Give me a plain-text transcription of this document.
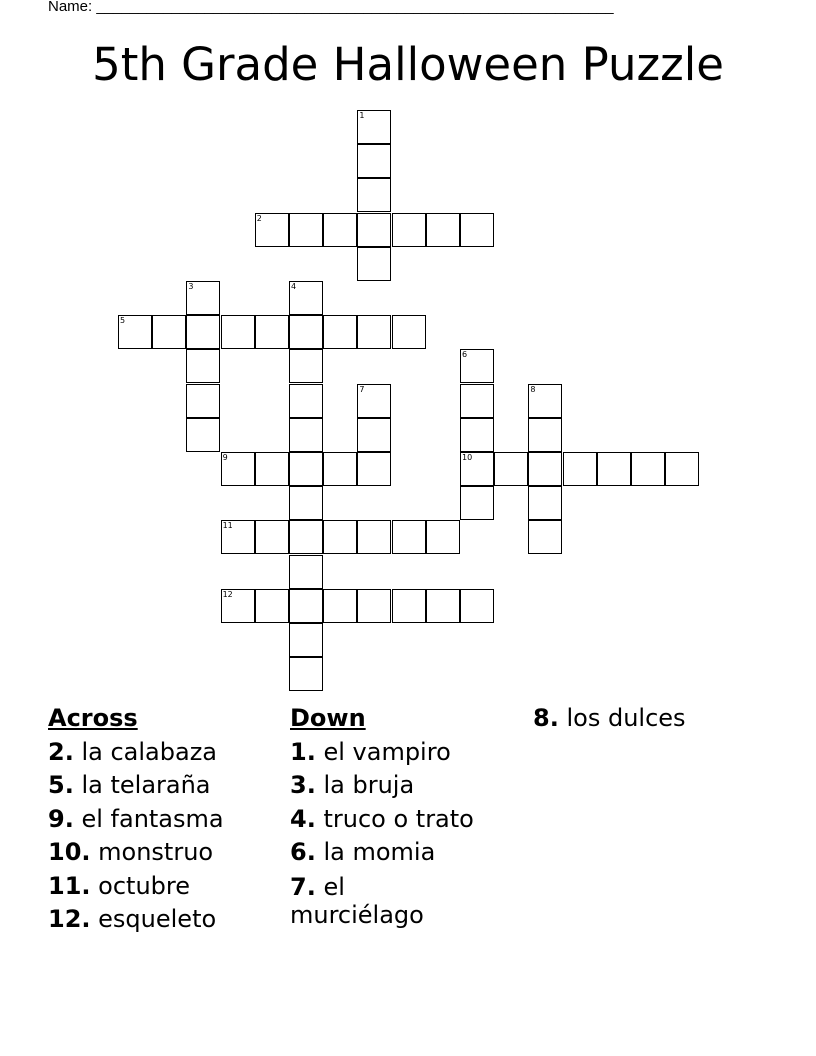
Name: ______________________________________________________________
5th Grade Halloween Puzzle
1
2
3	4
5
6
10
7	8
9
11
12
Across
2. la calabaza
5. la telaraña
9. el fantasma
10. monstruo
11. octubre
12. esqueleto
Down
1. el vampiro
3. la bruja
4. truco o trato
6. la momia
7. el murciélago
8. los dulces
